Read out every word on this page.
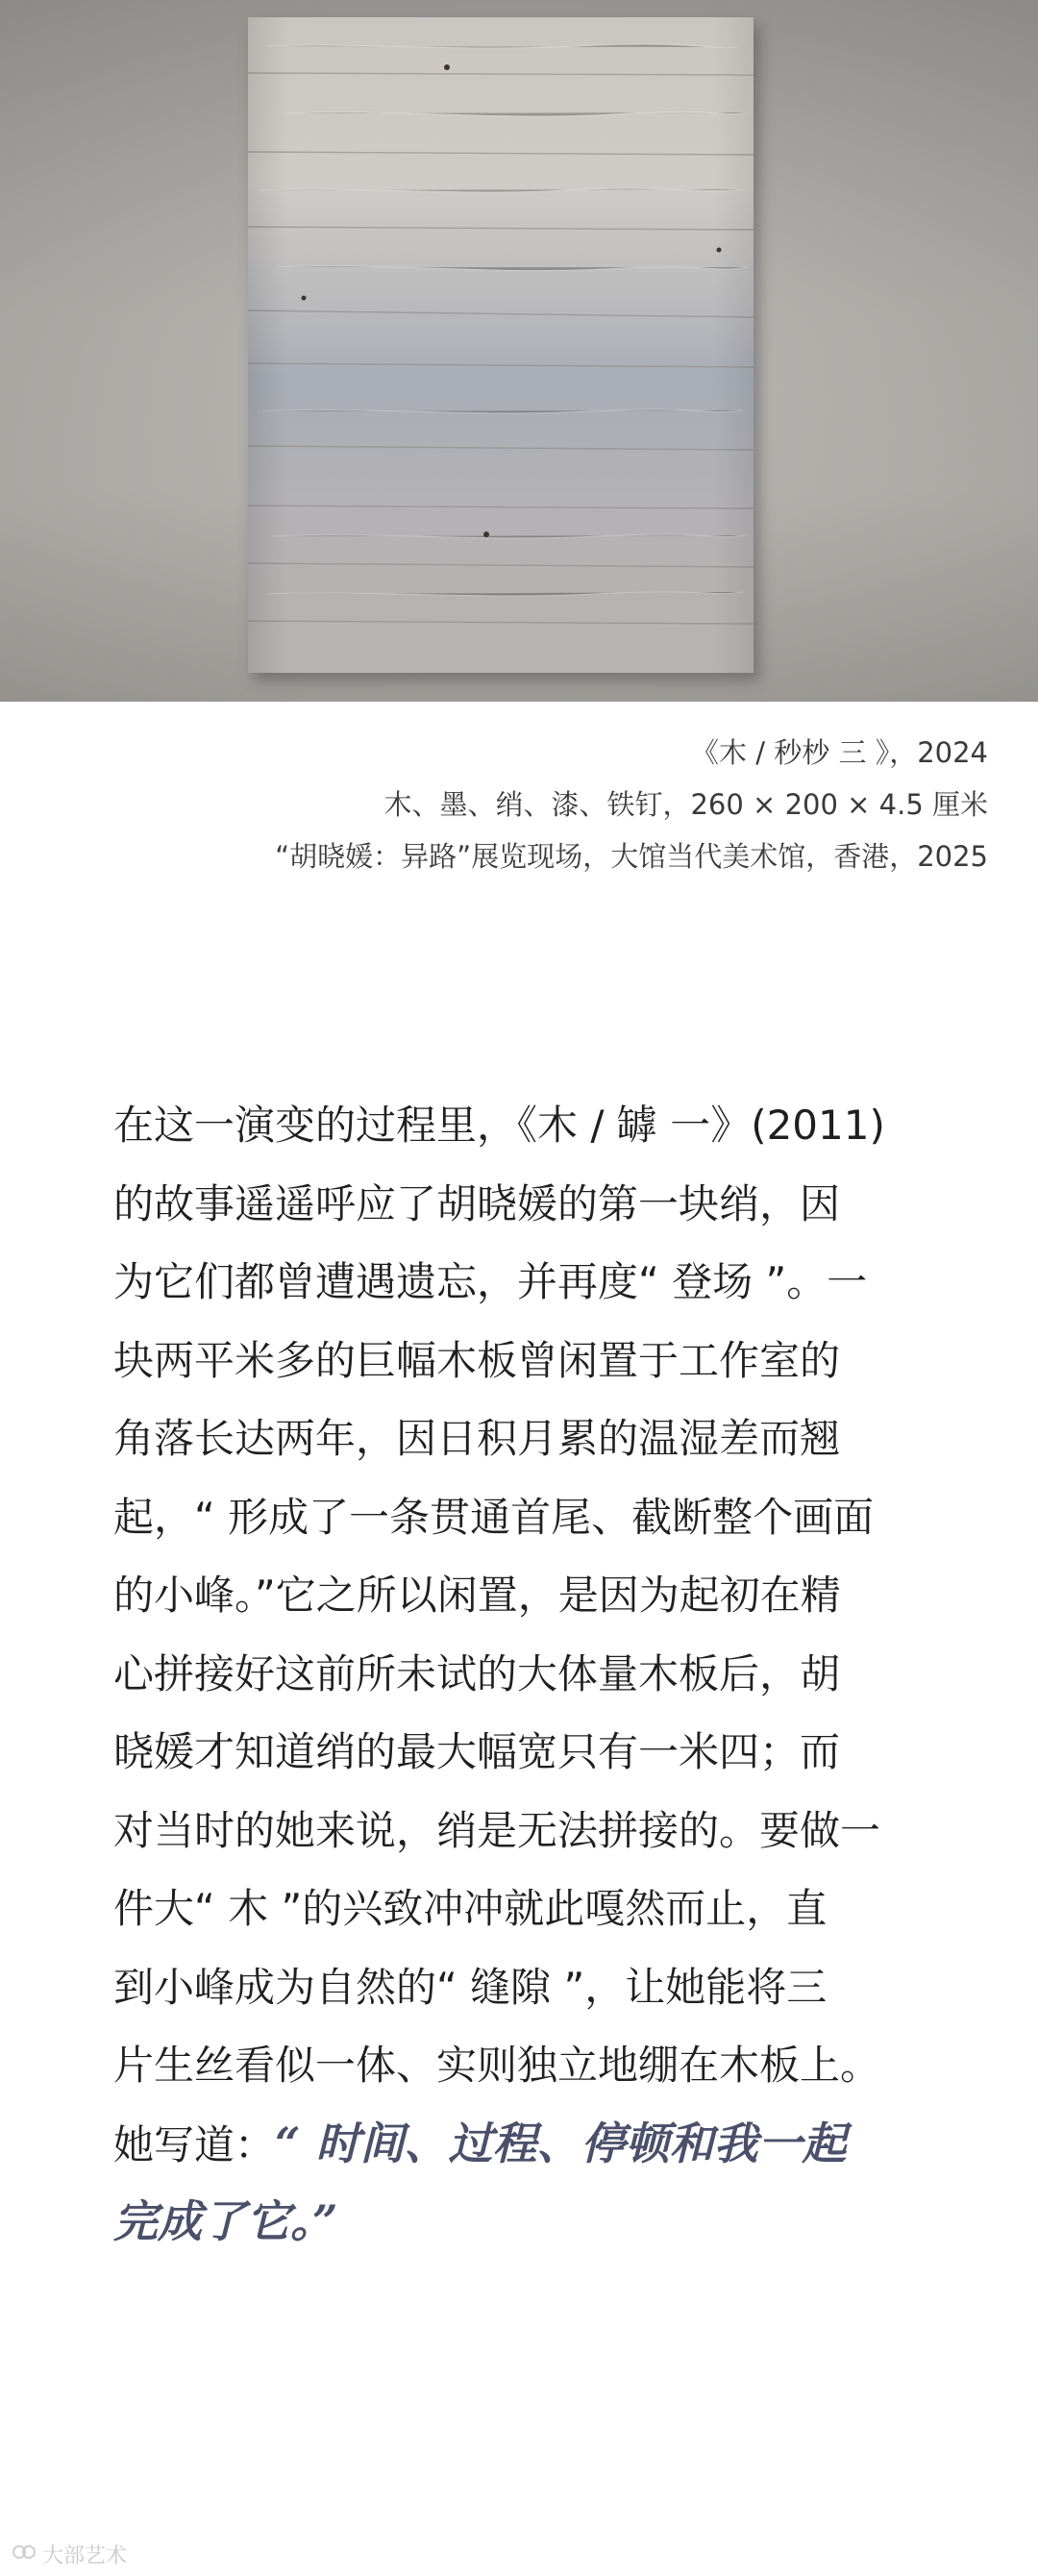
《木 / 秒杪 三 》，2024
木、墨、绡、漆、铁钉，260 × 200 × 4.5 厘米
“胡晓媛：异路”展览现场，大馆当代美术馆，香港，2025
在这一演变的过程里，《木 / 罅 一》(2011)
的故事遥遥呼应了胡晓媛的第一块绡，因
为它们都曾遭遇遗忘，并再度“ 登场 ”。一
块两平米多的巨幅木板曾闲置于工作室的
角落长达两年，因日积月累的温湿差而翘
起，“ 形成了一条贯通首尾、截断整个画面
的小峰。”它之所以闲置，是因为起初在精
心拼接好这前所未试的大体量木板后，胡
晓媛才知道绡的最大幅宽只有一米四；而
对当时的她来说，绡是无法拼接的。要做一
件大“ 木 ”的兴致冲冲就此嘎然而止，直
到小峰成为自然的“ 缝隙 ”，让她能将三
片生丝看似一体、实则独立地绷在木板上。
她写道：“ 时间、过程、停顿和我一起
完成了它。”
大部艺术
